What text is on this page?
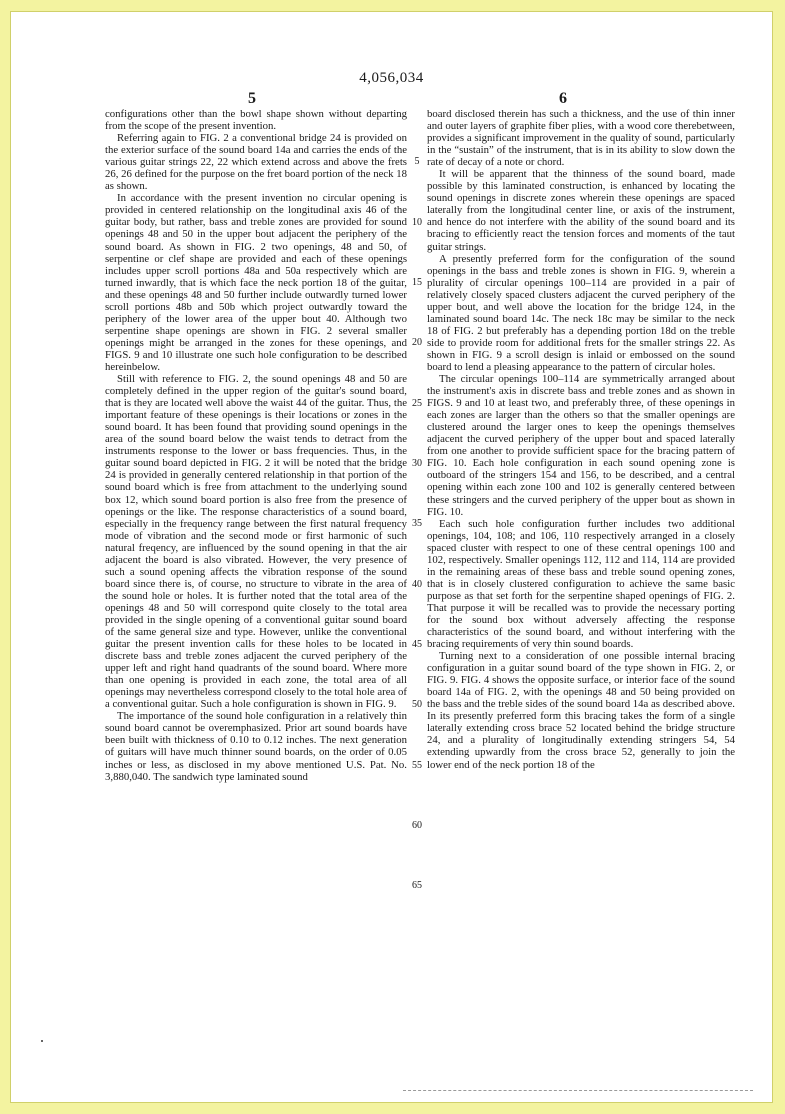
4,056,034
5	6

configurations other than the bowl shape shown without departing from the scope of the present invention.

Referring again to FIG. 2 a conventional bridge 24 is provided on the exterior surface of the sound board 14a and carries the ends of the various guitar strings 22, 22 which extend across and above the frets 26, 26 defined for the purpose on the fret board portion of the neck 18 as shown.

In accordance with the present invention no circular opening is provided in centered relationship on the longitudinal axis 46 of the guitar body, but rather, bass and treble zones are provided for sound openings 48 and 50 in the upper bout adjacent the periphery of the sound board. As shown in FIG. 2 two openings, 48 and 50, of serpentine or clef shape are provided and each of these openings includes upper scroll portions 48a and 50a respectively which are turned inwardly, that is which face the neck portion 18 of the guitar, and these openings 48 and 50 further include outwardly turned lower scroll portions 48b and 50b which project outwardly toward the periphery of the lower area of the upper bout 40. Although two serpentine shape openings are shown in FIG. 2 several smaller openings might be arranged in the zones for these openings, and FIGS. 9 and 10 illustrate one such hole configuration to be described hereinbelow.

Still with reference to FIG. 2, the sound openings 48 and 50 are completely defined in the upper region of the guitar's sound board, that is they are located well above the waist 44 of the guitar. Thus, the important feature of these openings is their locations or zones in the sound board. It has been found that providing sound openings in the area of the sound board below the waist tends to detract from the instruments response to the lower or bass frequencies. Thus, in the guitar sound board depicted in FIG. 2 it will be noted that the bridge 24 is provided in generally centered relationship in that portion of the sound board which is free from attachment to the underlying sound box 12, which sound board portion is also free from the presence of openings or the like. The response characteristics of a sound board, especially in the frequency range between the first natural frequency mode of vibration and the second mode or first harmonic of such natural freqency, are influenced by the sound opening in that the air adjacent the board is also vibrated. However, the very presence of such a sound opening affects the vibration response of the sound board since there is, of course, no structure to vibrate in the area of the sound hole or holes. It is further noted that the total area of the openings 48 and 50 will correspond quite closely to the total area provided in the single opening of a conventional guitar sound board of the same general size and type. However, unlike the conventional guitar the present invention calls for these holes to be located in discrete bass and treble zones adjacent the curved periphery of the upper left and right hand quadrants of the sound board. Where more than one opening is provided in each zone, the total area of all openings may nevertheless correspond closely to the total hole area of a conventional guitar. Such a hole configuration is shown in FIG. 9.

The importance of the sound hole configuration in a relatively thin sound board cannot be overemphasized. Prior art sound boards have been built with thickness of 0.10 to 0.12 inches. The next generation of guitars will have much thinner sound boards, on the order of 0.05 inches or less, as disclosed in my above mentioned U.S. Pat. No. 3,880,040. The sandwich type laminated sound

5
10
15
20
25
30
35
40
45
50
55
60
65

board disclosed therein has such a thickness, and the use of thin inner and outer layers of graphite fiber plies, with a wood core therebetween, provides a significant improvement in the quality of sound, particularly in the “sustain” of the instrument, that is in its ability to slow down the rate of decay of a note or chord.

It will be apparent that the thinness of the sound board, made possible by this laminated construction, is enhanced by locating the sound openings in discrete zones wherein these openings are spaced laterally from the longitudinal center line, or axis of the instrument, and hence do not interfere with the ability of the sound board and its bracing to efficiently react the tension forces and moments of the taut guitar strings.

A presently preferred form for the configuration of the sound openings in the bass and treble zones is shown in FIG. 9, wherein a plurality of circular openings 100–114 are provided in a pair of relatively closely spaced clusters adjacent the curved periphery of the upper bout, and well above the location for the bridge 124, in the laminated sound board 14c. The neck 18c may be similar to the neck 18 of FIG. 2 but preferably has a depending portion 18d on the treble side to provide room for additional frets for the smaller strings 22. As shown in FIG. 9 a scroll design is inlaid or embossed on the sound board to lend a pleasing appearance to the pattern of circular holes.

The circular openings 100–114 are symmetrically arranged about the instrument's axis in discrete bass and treble zones and as shown in FIGS. 9 and 10 at least two, and preferably three, of these openings in each zones are larger than the others so that the smaller openings are clustered around the larger ones to keep the openings themselves adjacent the curved periphery of the upper bout and spaced laterally from one another to provide sufficient space for the bracing pattern of FIG. 10. Each hole configuration in each sound opening zone is outboard of the stringers 154 and 156, to be described, and a central opening within each zone 100 and 102 is generally centered between these stringers and the curved periphery of the upper bout as shown in FIG. 10.

Each such hole configuration further includes two additional openings, 104, 108; and 106, 110 respectively arranged in a closely spaced cluster with respect to one of these central openings 100 and 102, respectively. Smaller openings 112, 112 and 114, 114 are provided in the remaining areas of these bass and treble sound opening zones, that is in closely clustered configuration to achieve the same basic purpose as that set forth for the serpentine shaped openings of FIG. 2. That purpose it will be recalled was to provide the necessary porting for the sound box without adversely affecting the response characteristics of the sound board, and without interfering with the bracing requirements of very thin sound boards.

Turning next to a consideration of one possible internal bracing configuration in a guitar sound board of the type shown in FIG. 2, or FIG. 9. FIG. 4 shows the opposite surface, or interior face of the sound board 14a of FIG. 2, with the openings 48 and 50 being provided on the bass and the treble sides of the sound board 14a as described above. In its presently preferred form this bracing takes the form of a single laterally extending cross brace 52 located behind the bridge structure 24, and a plurality of longitudinally extending stringers 54, 54 extending upwardly from the cross brace 52, generally to join the lower end of the neck portion 18 of the
